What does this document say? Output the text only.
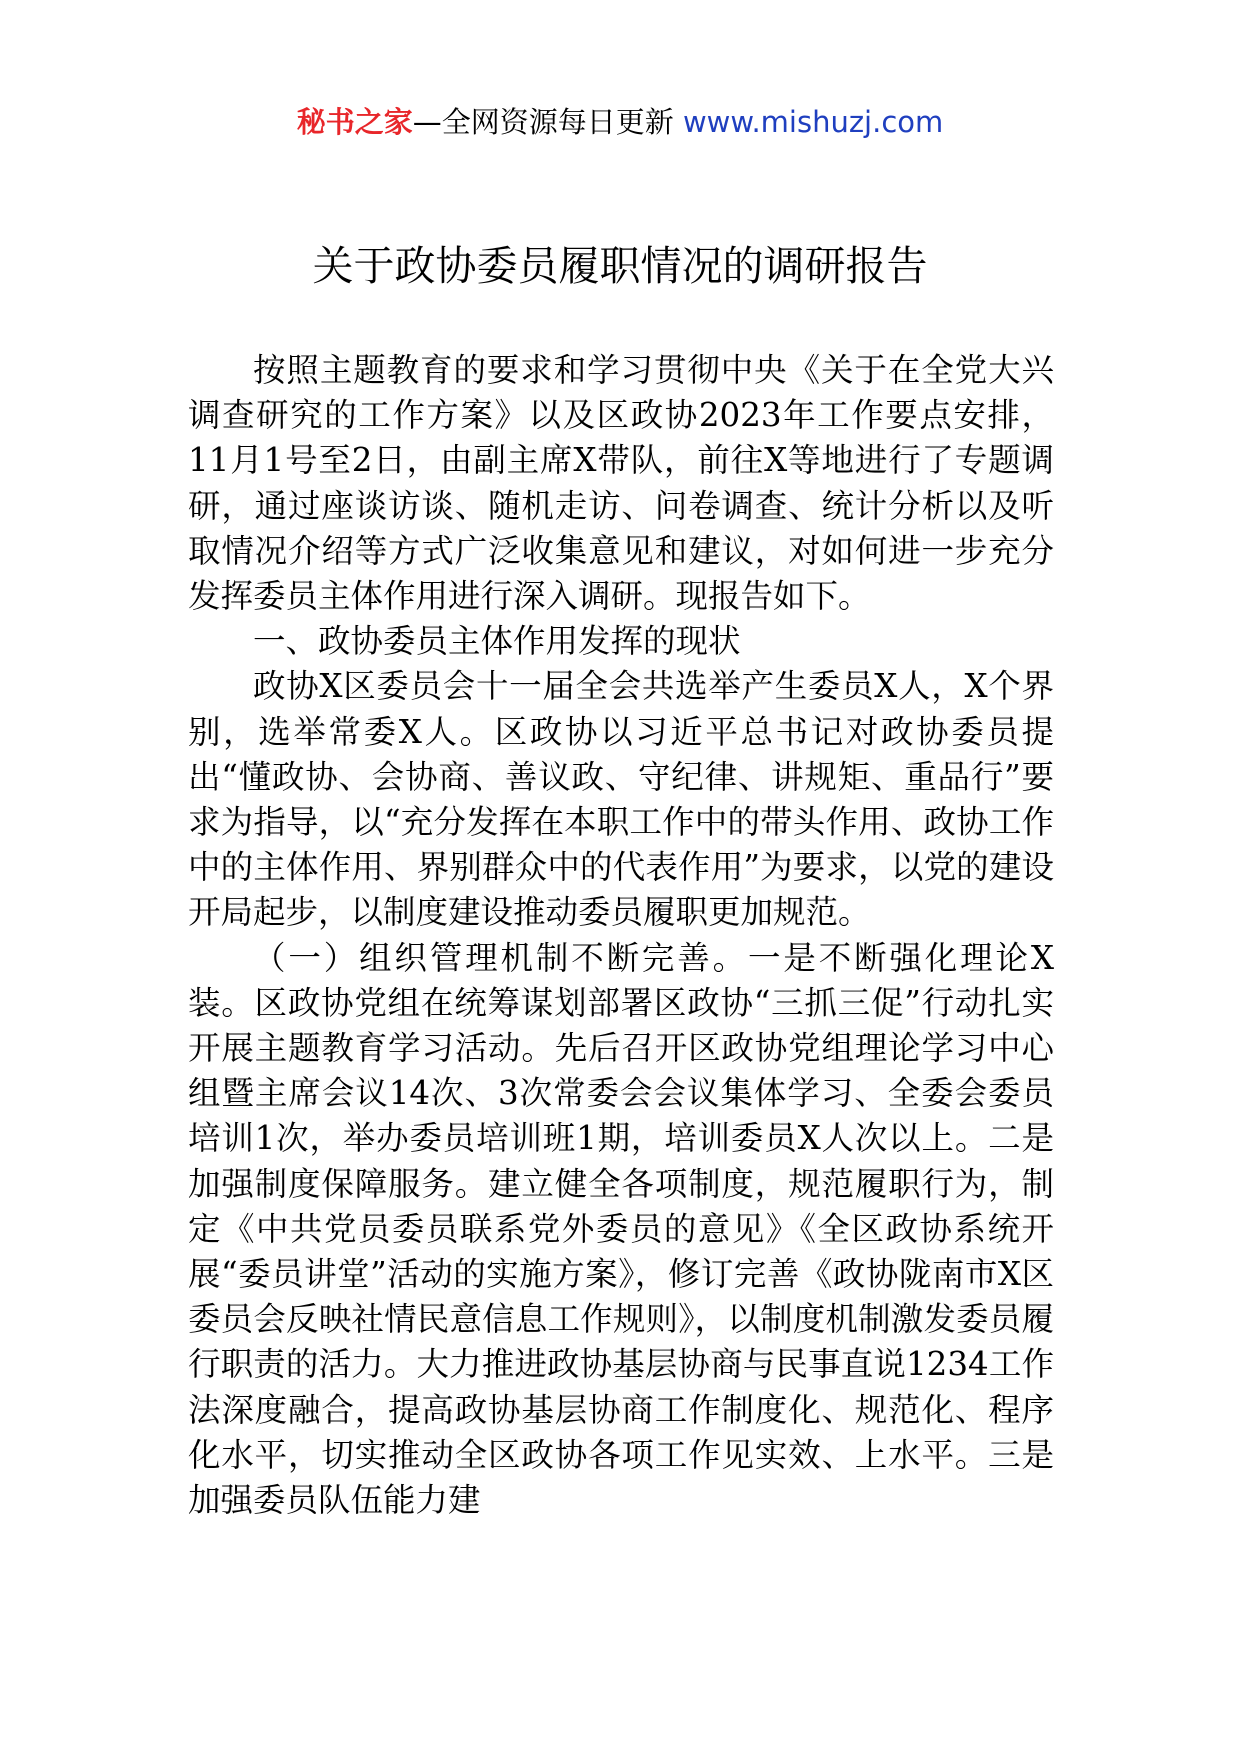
秘书之家—全网资源每日更新 www.mishuzj.com
关于政协委员履职情况的调研报告

按照主题教育的要求和学习贯彻中央《关于在全党大兴调查研究的工作方案》以及区政协2023年工作要点安排，11月1号至2日，由副主席X带队，前往X等地进行了专题调研，通过座谈访谈、随机走访、问卷调查、统计分析以及听取情况介绍等方式广泛收集意见和建议，对如何进一步充分发挥委员主体作用进行深入调研。现报告如下。

一、政协委员主体作用发挥的现状

政协X区委员会十一届全会共选举产生委员X人，X个界别，选举常委X人。区政协以习近平总书记对政协委员提出“懂政协、会协商、善议政、守纪律、讲规矩、重品行”要求为指导，以“充分发挥在本职工作中的带头作用、政协工作中的主体作用、界别群众中的代表作用”为要求，以党的建设开局起步，以制度建设推动委员履职更加规范。

（一）组织管理机制不断完善。一是不断强化理论X装。区政协党组在统筹谋划部署区政协“三抓三促”行动扎实开展主题教育学习活动。先后召开区政协党组理论学习中心组暨主席会议14次、3次常委会会议集体学习、全委会委员培训1次，举办委员培训班1期，培训委员X人次以上。二是加强制度保障服务。建立健全各项制度，规范履职行为，制定《中共党员委员联系党外委员的意见》《全区政协系统开展“委员讲堂”活动的实施方案》，修订完善《政协陇南市X区委员会反映社情民意信息工作规则》，以制度机制激发委员履行职责的活力。大力推进政协基层协商与民事直说1234工作法深度融合，提高政协基层协商工作制度化、规范化、程序化水平，切实推动全区政协各项工作见实效、上水平。三是加强委员队伍能力建
